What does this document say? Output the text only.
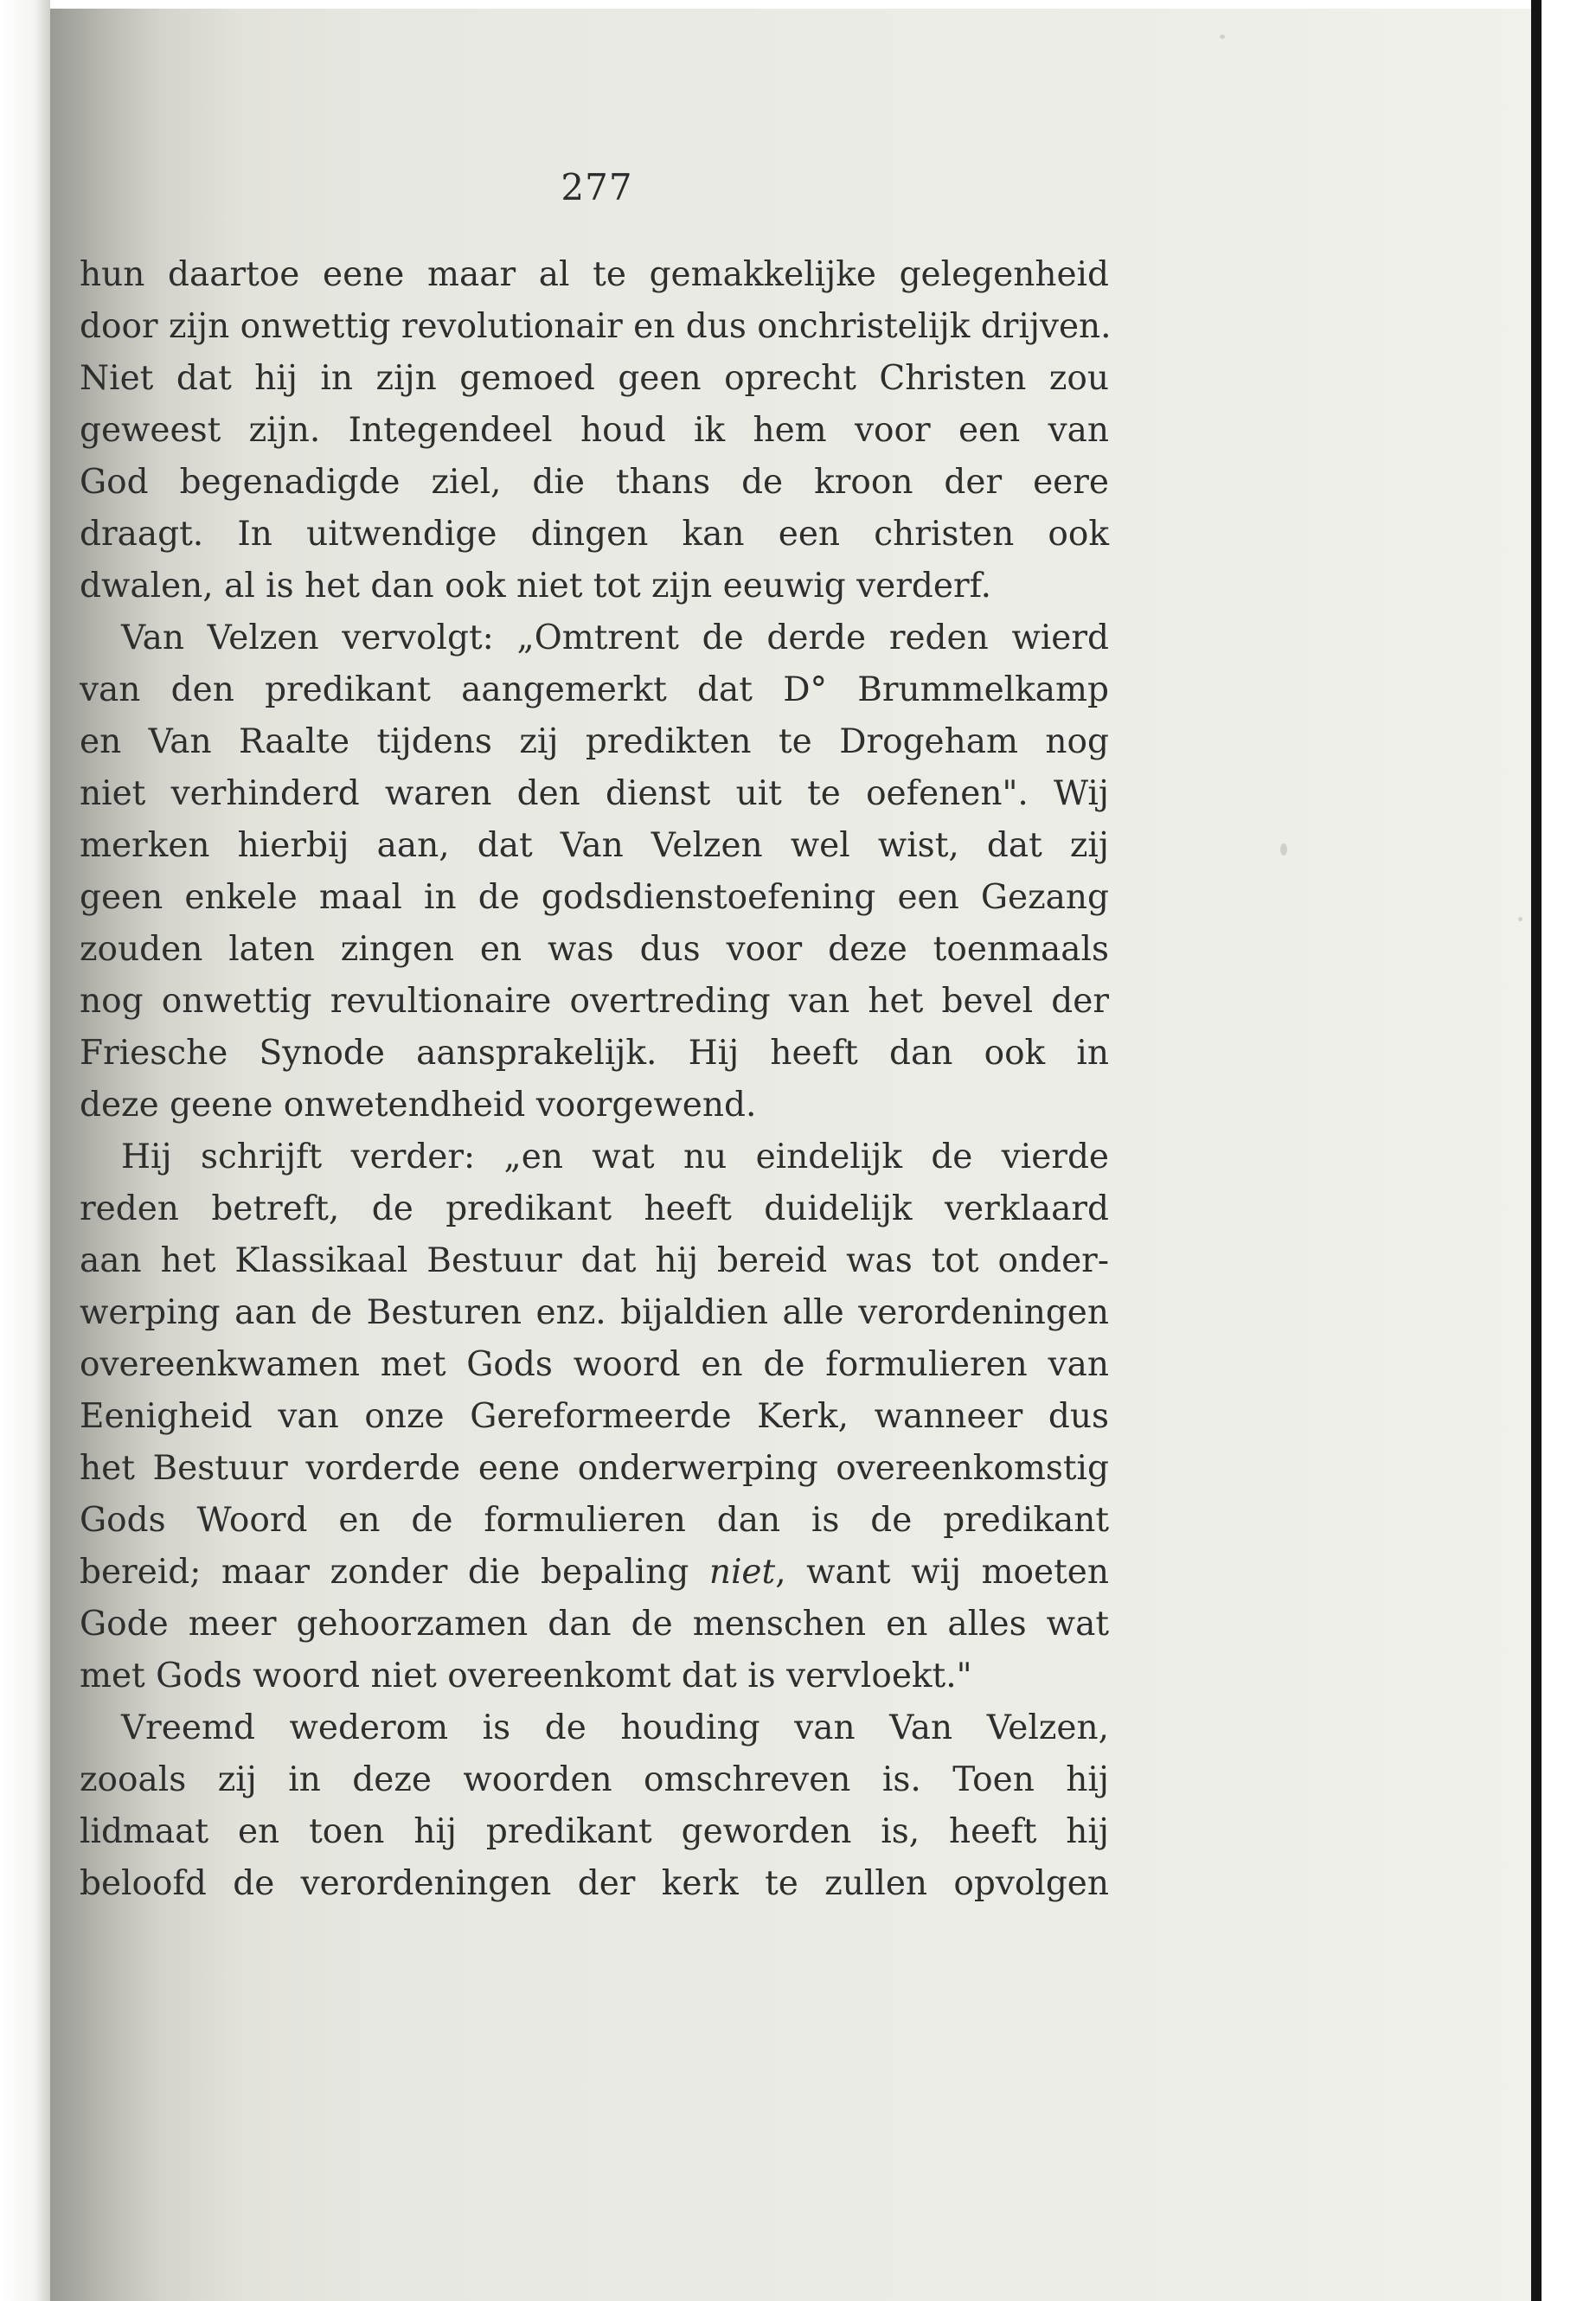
277
hun daartoe eene maar al te gemakkelijke gelegenheid
door zijn onwettig revolutionair en dus onchristelijk drijven.
Niet dat hij in zijn gemoed geen oprecht Christen zou
geweest zijn. Integendeel houd ik hem voor een van
God begenadigde ziel, die thans de kroon der eere
draagt. In uitwendige dingen kan een christen ook
dwalen, al is het dan ook niet tot zijn eeuwig verderf.
Van Velzen vervolgt: „Omtrent de derde reden wierd
van den predikant aangemerkt dat D° Brummelkamp
en Van Raalte tijdens zij predikten te Drogeham nog
niet verhinderd waren den dienst uit te oefenen". Wij
merken hierbij aan, dat Van Velzen wel wist, dat zij
geen enkele maal in de godsdienstoefening een Gezang
zouden laten zingen en was dus voor deze toenmaals
nog onwettig revultionaire overtreding van het bevel der
Friesche Synode aansprakelijk. Hij heeft dan ook in
deze geene onwetendheid voorgewend.
Hij schrijft verder: „en wat nu eindelijk de vierde
reden betreft, de predikant heeft duidelijk verklaard
aan het Klassikaal Bestuur dat hij bereid was tot onder-
werping aan de Besturen enz. bijaldien alle verordeningen
overeenkwamen met Gods woord en de formulieren van
Eenigheid van onze Gereformeerde Kerk, wanneer dus
het Bestuur vorderde eene onderwerping overeenkomstig
Gods Woord en de formulieren dan is de predikant
bereid; maar zonder die bepaling niet, want wij moeten
Gode meer gehoorzamen dan de menschen en alles wat
met Gods woord niet overeenkomt dat is vervloekt."
Vreemd wederom is de houding van Van Velzen,
zooals zij in deze woorden omschreven is. Toen hij
lidmaat en toen hij predikant geworden is, heeft hij
beloofd de verordeningen der kerk te zullen opvolgen
